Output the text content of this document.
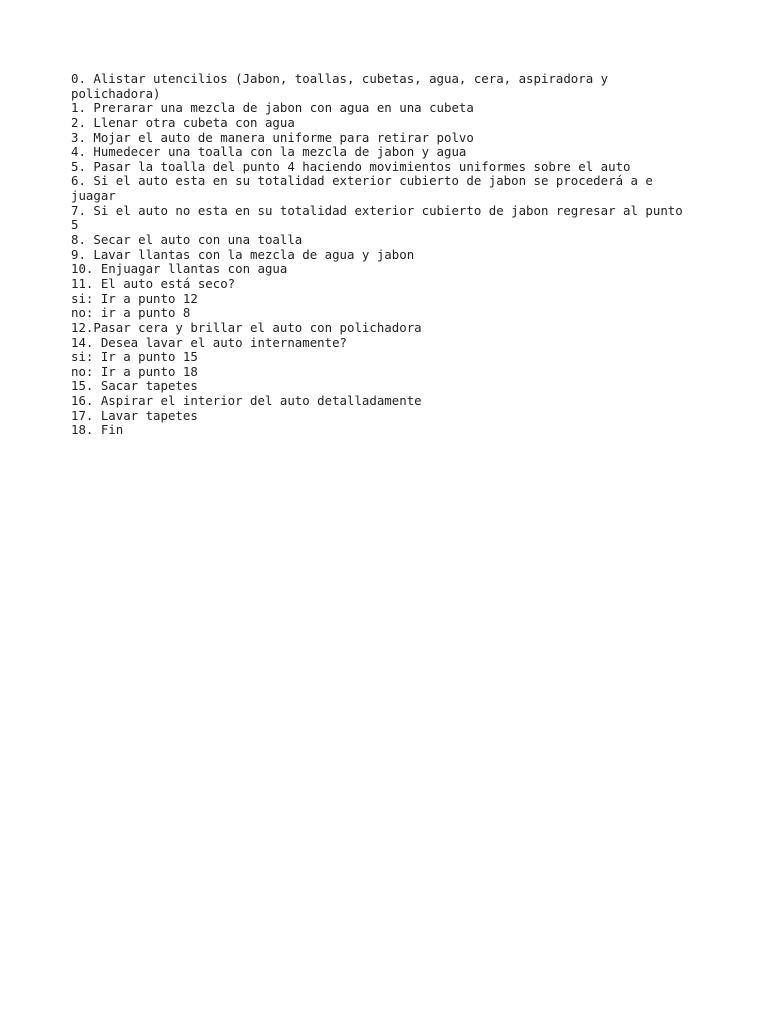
0. Alistar utencilios (Jabon, toallas, cubetas, agua, cera, aspiradora y
polichadora)
1. Prerarar una mezcla de jabon con agua en una cubeta
2. Llenar otra cubeta con agua
3. Mojar el auto de manera uniforme para retirar polvo
4. Humedecer una toalla con la mezcla de jabon y agua
5. Pasar la toalla del punto 4 haciendo movimientos uniformes sobre el auto
6. Si el auto esta en su totalidad exterior cubierto de jabon se procederá a e
juagar
7. Si el auto no esta en su totalidad exterior cubierto de jabon regresar al punto
5
8. Secar el auto con una toalla
9. Lavar llantas con la mezcla de agua y jabon
10. Enjuagar llantas con agua
11. El auto está seco?
si: Ir a punto 12
no: ir a punto 8
12.Pasar cera y brillar el auto con polichadora
14. Desea lavar el auto internamente?
si: Ir a punto 15
no: Ir a punto 18
15. Sacar tapetes
16. Aspirar el interior del auto detalladamente
17. Lavar tapetes
18. Fin
